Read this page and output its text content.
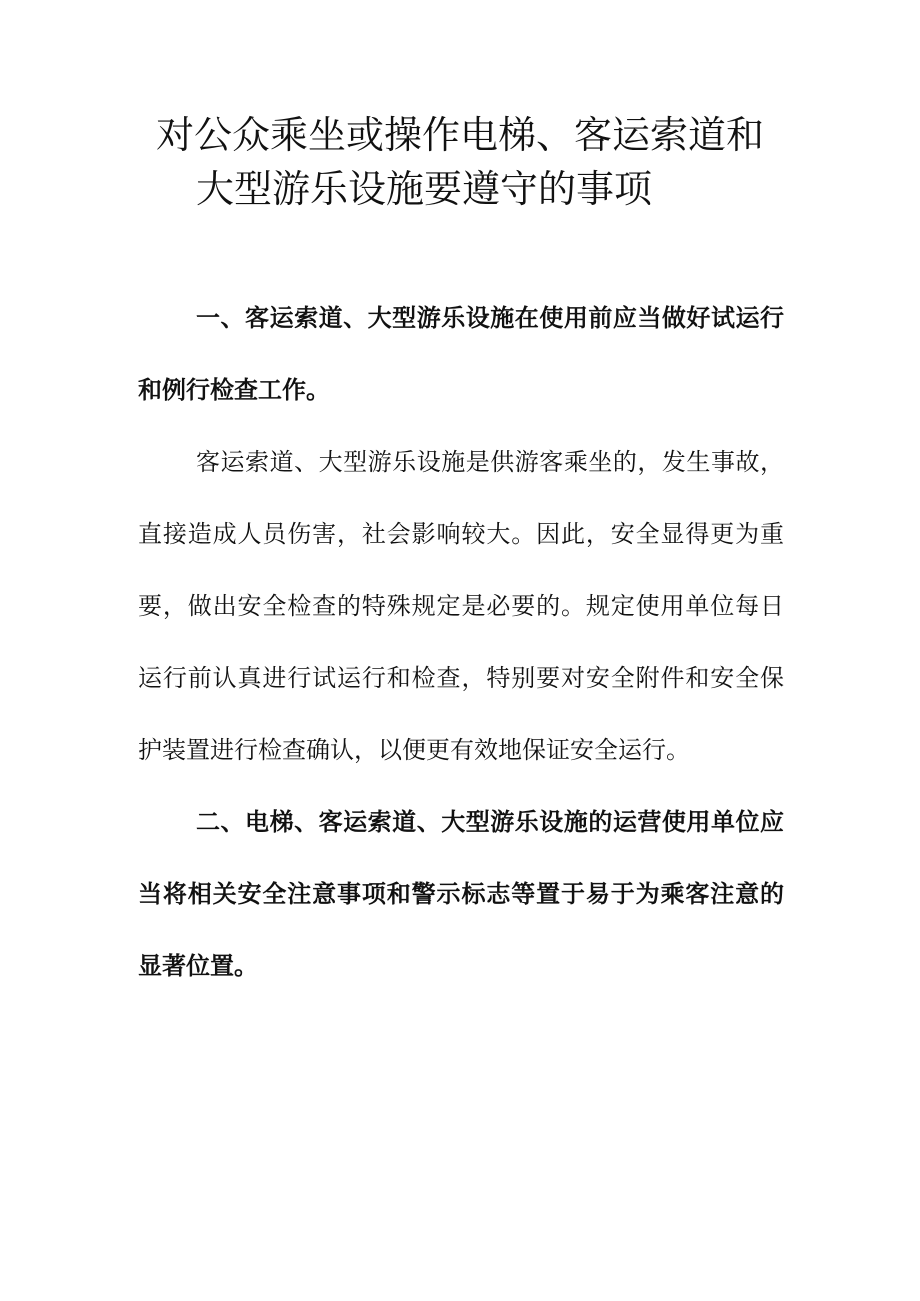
对公众乘坐或操作电梯、客运索道和
大型游乐设施要遵守的事项

一、客运索道、大型游乐设施在使用前应当做好试运行和例行检查工作。

客运索道、大型游乐设施是供游客乘坐的，发生事故，直接造成人员伤害，社会影响较大。因此，安全显得更为重要，做出安全检查的特殊规定是必要的。规定使用单位每日运行前认真进行试运行和检查，特别要对安全附件和安全保护装置进行检查确认，以便更有效地保证安全运行。

二、电梯、客运索道、大型游乐设施的运营使用单位应当将相关安全注意事项和警示标志等置于易于为乘客注意的显著位置。
